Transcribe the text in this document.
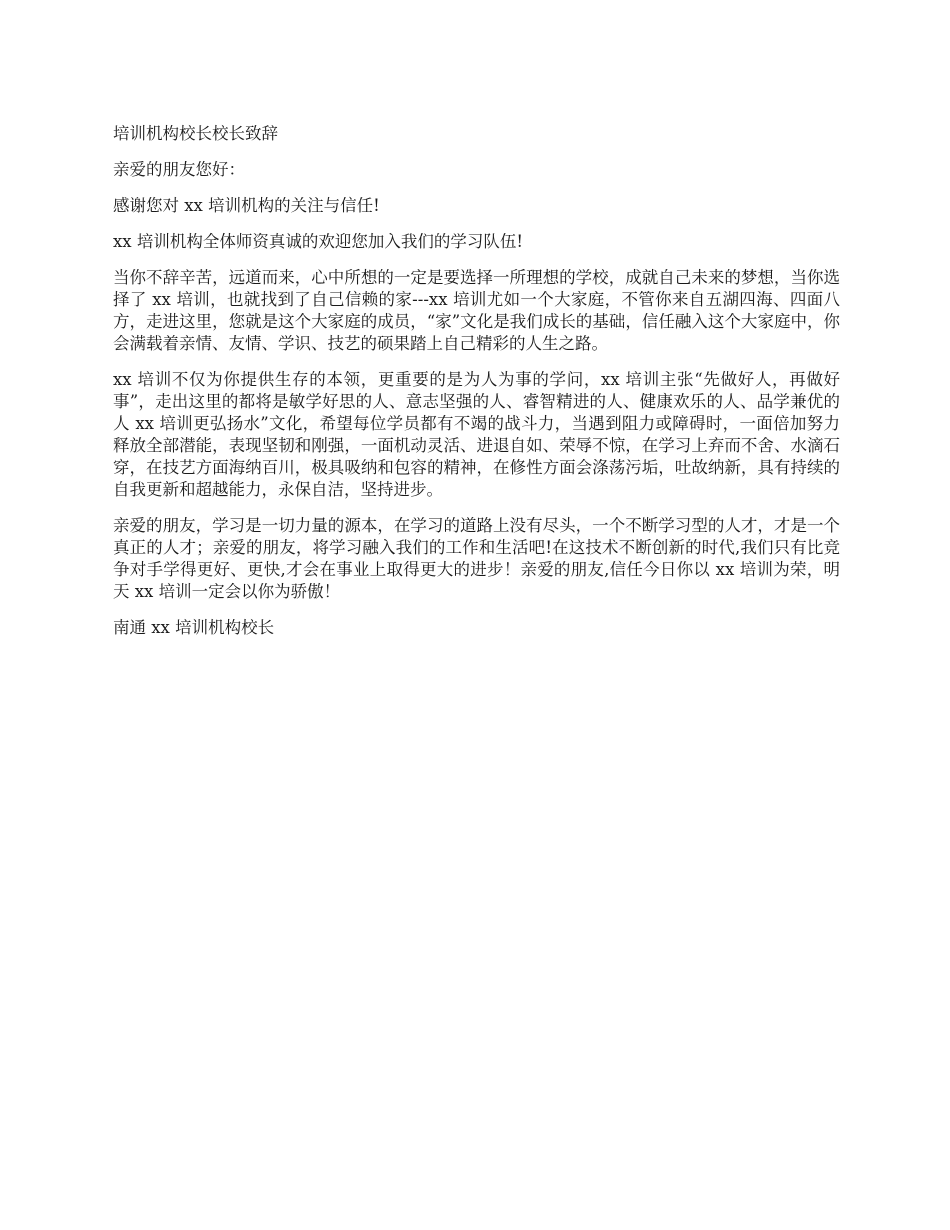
培训机构校长校长致辞

亲爱的朋友您好：

感谢您对 xx 培训机构的关注与信任!

xx 培训机构全体师资真诚的欢迎您加入我们的学习队伍!

当你不辞辛苦，远道而来，心中所想的一定是要选择一所理想的学校，成就自己未来的梦想，当你选择了 xx 培训，也就找到了自己信赖的家---xx 培训尤如一个大家庭，不管你来自五湖四海、四面八方，走进这里，您就是这个大家庭的成员，“家”文化是我们成长的基础，信任融入这个大家庭中，你会满载着亲情、友情、学识、技艺的硕果踏上自己精彩的人生之路。

xx 培训不仅为你提供生存的本领，更重要的是为人为事的学问，xx 培训主张“先做好人，再做好事”，走出这里的都将是敏学好思的人、意志坚强的人、睿智精进的人、健康欢乐的人、品学兼优的人 xx 培训更弘扬水”文化，希望每位学员都有不竭的战斗力，当遇到阻力或障碍时，一面倍加努力释放全部潜能，表现坚韧和刚强，一面机动灵活、进退自如、荣辱不惊，在学习上弃而不舍、水滴石穿，在技艺方面海纳百川，极具吸纳和包容的精神，在修性方面会涤荡污垢，吐故纳新，具有持续的自我更新和超越能力，永保自洁，坚持进步。

亲爱的朋友，学习是一切力量的源本，在学习的道路上没有尽头，一个不断学习型的人才，才是一个真正的人才；亲爱的朋友，将学习融入我们的工作和生活吧!在这技术不断创新的时代,我们只有比竞争对手学得更好、更快,才会在事业上取得更大的进步！亲爱的朋友,信任今日你以 xx 培训为荣，明天 xx 培训一定会以你为骄傲！

南通 xx 培训机构校长
